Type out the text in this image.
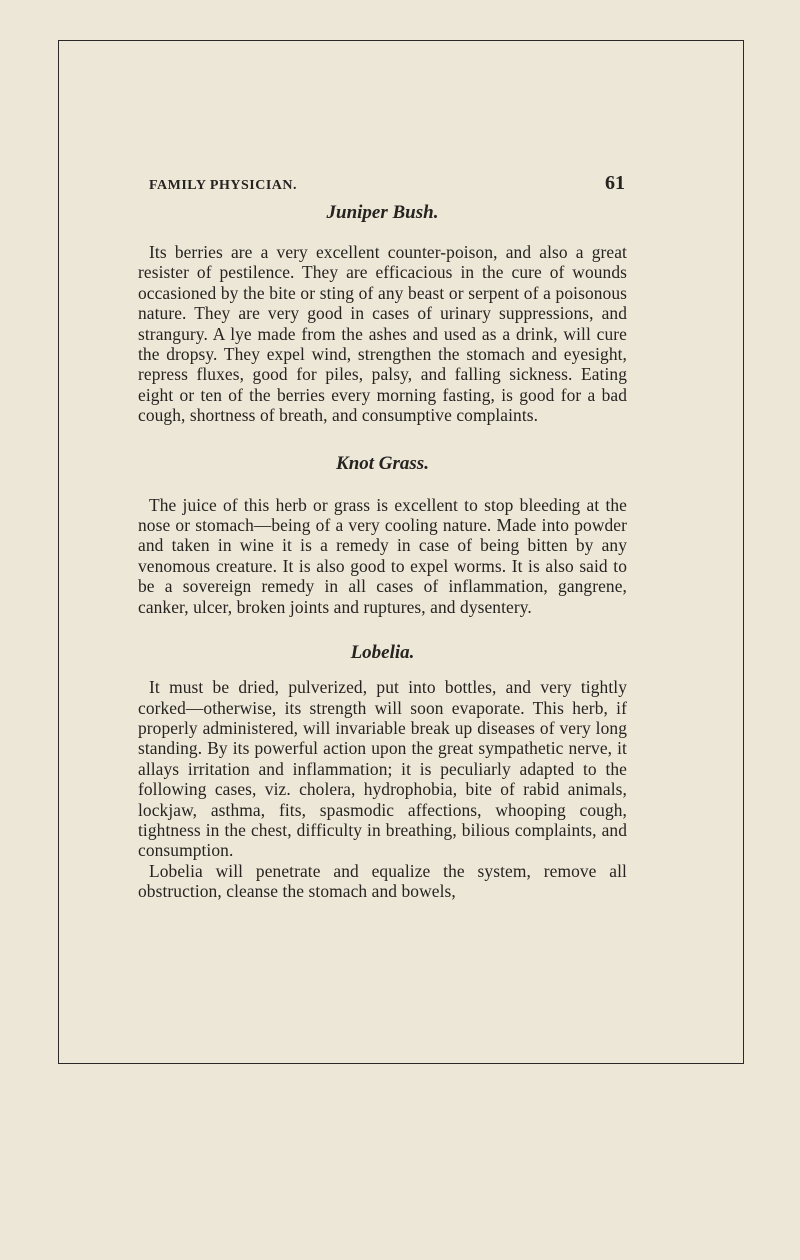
FAMILY PHYSICIAN.	61
Juniper Bush.

Its berries are a very excellent counter-poison, and also a great resister of pestilence. They are efficacious in the cure of wounds occasioned by the bite or sting of any beast or serpent of a poisonous nature. They are very good in cases of urinary suppressions, and strangury. A lye made from the ashes and used as a drink, will cure the dropsy. They expel wind, strengthen the stomach and eyesight, repress fluxes, good for piles, palsy, and falling sickness. Eating eight or ten of the berries every morning fasting, is good for a bad cough, shortness of breath, and consumptive complaints.

Knot Grass.

The juice of this herb or grass is excellent to stop bleeding at the nose or stomach—being of a very cooling nature. Made into powder and taken in wine it is a remedy in case of being bitten by any venomous creature. It is also good to expel worms. It is also said to be a sovereign remedy in all cases of inflammation, gangrene, canker, ulcer, broken joints and ruptures, and dysentery.

Lobelia.

It must be dried, pulverized, put into bottles, and very tightly corked—otherwise, its strength will soon evaporate. This herb, if properly administered, will invariable break up diseases of very long standing. By its powerful action upon the great sympathetic nerve, it allays irritation and inflammation; it is peculiarly adapted to the following cases, viz. cholera, hydrophobia, bite of rabid animals, lockjaw, asthma, fits, spasmodic affections, whooping cough, tightness in the chest, difficulty in breathing, bilious complaints, and consumption.

Lobelia will penetrate and equalize the system, remove all obstruction, cleanse the stomach and bowels,
